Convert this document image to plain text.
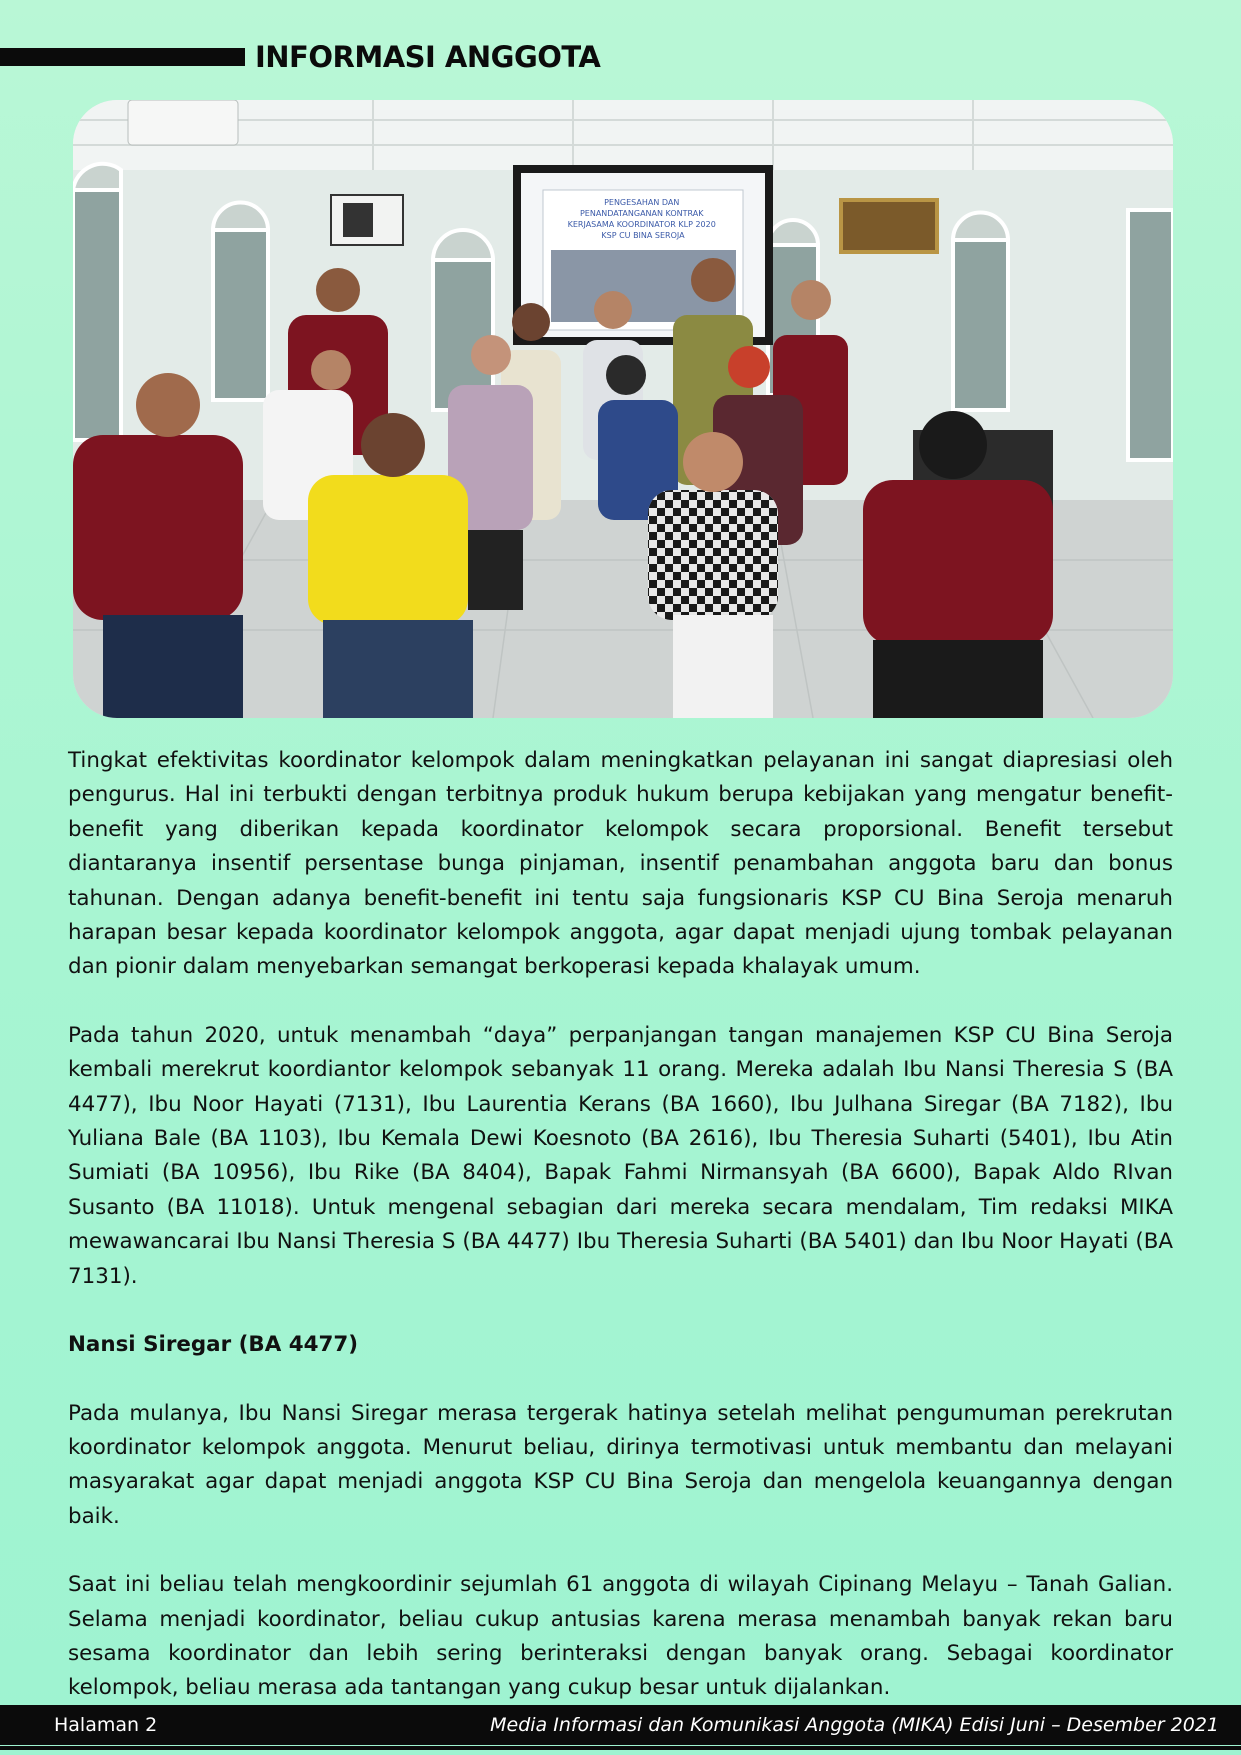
INFORMASI ANGGOTA
PENGESAHAN DAN PENANDATANGANAN KONTRAK KERJASAMA KOORDINATOR KLP 2020 KSP CU BINA SEROJA

Tingkat efektivitas koordinator kelompok dalam meningkatkan pelayanan ini sangat diapresiasi oleh pengurus. Hal ini terbukti dengan terbitnya produk hukum berupa kebijakan yang mengatur benefit-benefit yang diberikan kepada koordinator kelompok secara proporsional. Benefit tersebut diantaranya insentif persentase bunga pinjaman, insentif penambahan anggota baru dan bonus tahunan. Dengan adanya benefit-benefit ini tentu saja fungsionaris KSP CU Bina Seroja menaruh harapan besar kepada koordinator kelompok anggota, agar dapat menjadi ujung tombak pelayanan dan pionir dalam menyebarkan semangat berkoperasi kepada khalayak umum.

Pada tahun 2020, untuk menambah “daya” perpanjangan tangan manajemen KSP CU Bina Seroja kembali merekrut koordiantor kelompok sebanyak 11 orang. Mereka adalah Ibu Nansi Theresia S (BA 4477), Ibu Noor Hayati (7131), Ibu Laurentia Kerans (BA 1660), Ibu Julhana Siregar (BA 7182), Ibu Yuliana Bale (BA 1103), Ibu Kemala Dewi Koesnoto (BA 2616), Ibu Theresia Suharti (5401), Ibu Atin Sumiati (BA 10956), Ibu Rike (BA 8404), Bapak Fahmi Nirmansyah (BA 6600), Bapak Aldo RIvan Susanto (BA 11018). Untuk mengenal sebagian dari mereka secara mendalam, Tim redaksi MIKA mewawancarai Ibu Nansi Theresia S (BA 4477) Ibu Theresia Suharti (BA 5401) dan Ibu Noor Hayati (BA 7131).

Nansi Siregar (BA 4477)

Pada mulanya, Ibu Nansi Siregar merasa tergerak hatinya setelah melihat pengumuman perekrutan koordinator kelompok anggota. Menurut beliau, dirinya termotivasi untuk membantu dan melayani masyarakat agar dapat menjadi anggota KSP CU Bina Seroja dan mengelola keuangannya dengan baik.

Saat ini beliau telah mengkoordinir sejumlah 61 anggota di wilayah Cipinang Melayu – Tanah Galian. Selama menjadi koordinator, beliau cukup antusias karena merasa menambah banyak rekan baru sesama koordinator dan lebih sering berinteraksi dengan banyak orang. Sebagai koordinator kelompok, beliau merasa ada tantangan yang cukup besar untuk dijalankan.

Halaman 2	Media Informasi dan Komunikasi Anggota (MIKA) Edisi Juni – Desember 2021
